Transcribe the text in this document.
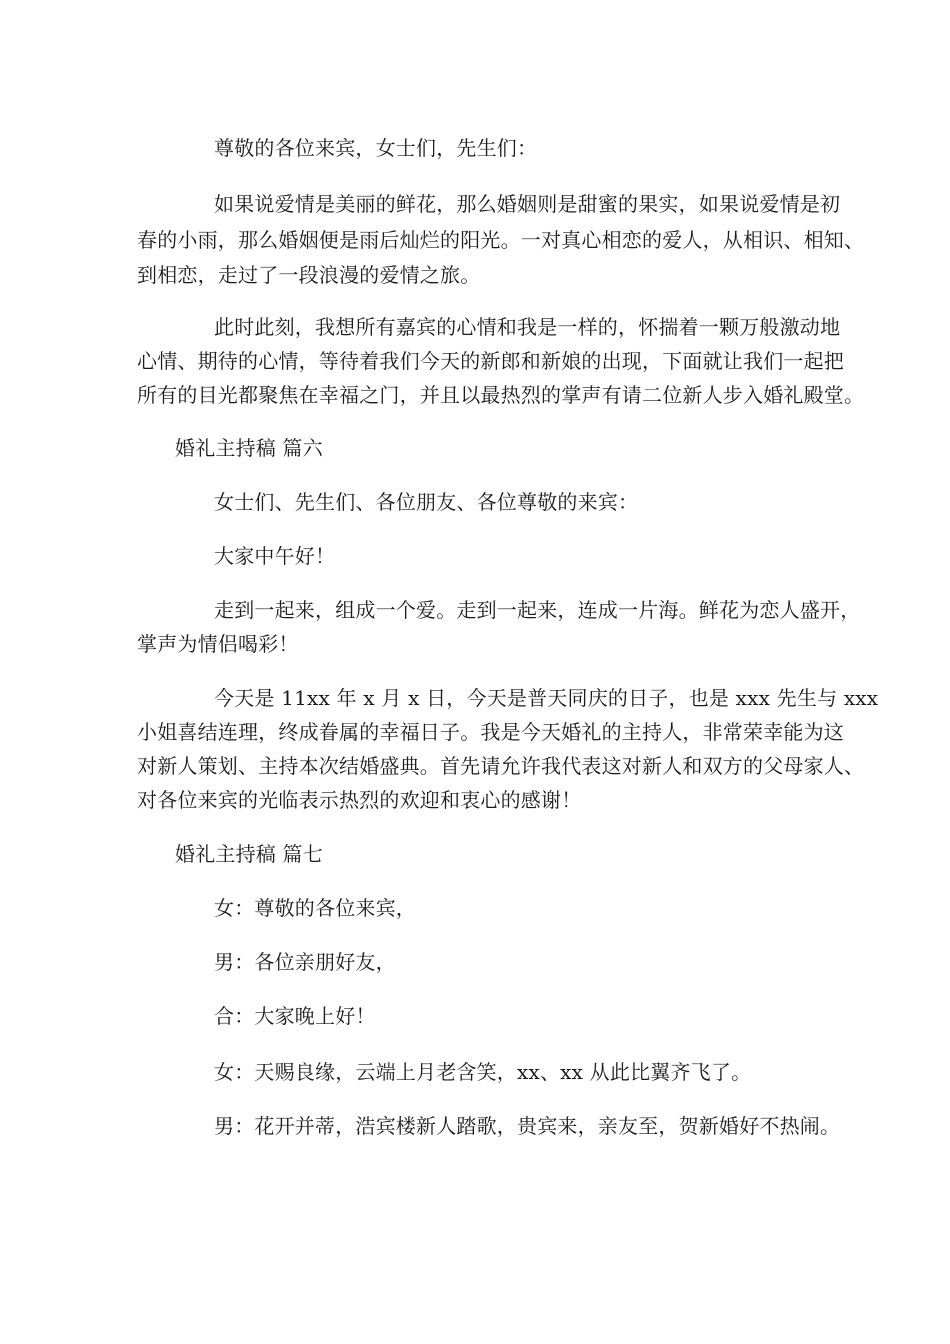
尊敬的各位来宾，女士们，先生们：
如果说爱情是美丽的鲜花，那么婚姻则是甜蜜的果实，如果说爱情是初
春的小雨，那么婚姻便是雨后灿烂的阳光。一对真心相恋的爱人，从相识、相知、
到相恋，走过了一段浪漫的爱情之旅。
此时此刻，我想所有嘉宾的心情和我是一样的，怀揣着一颗万般激动地
心情、期待的心情，等待着我们今天的新郎和新娘的出现，下面就让我们一起把
所有的目光都聚焦在幸福之门，并且以最热烈的掌声有请二位新人步入婚礼殿堂。
婚礼主持稿 篇六
女士们、先生们、各位朋友、各位尊敬的来宾：
大家中午好！
走到一起来，组成一个爱。走到一起来，连成一片海。鲜花为恋人盛开，
掌声为情侣喝彩！
今天是 11xx 年 x 月 x 日，今天是普天同庆的日子，也是 xxx 先生与 xxx
小姐喜结连理，终成眷属的幸福日子。我是今天婚礼的主持人，非常荣幸能为这
对新人策划、主持本次结婚盛典。首先请允许我代表这对新人和双方的父母家人、
对各位来宾的光临表示热烈的欢迎和衷心的感谢！
婚礼主持稿 篇七
女：尊敬的各位来宾，
男：各位亲朋好友，
合：大家晚上好！
女：天赐良缘，云端上月老含笑，xx、xx 从此比翼齐飞了。
男：花开并蒂，浩宾楼新人踏歌，贵宾来，亲友至，贺新婚好不热闹。
